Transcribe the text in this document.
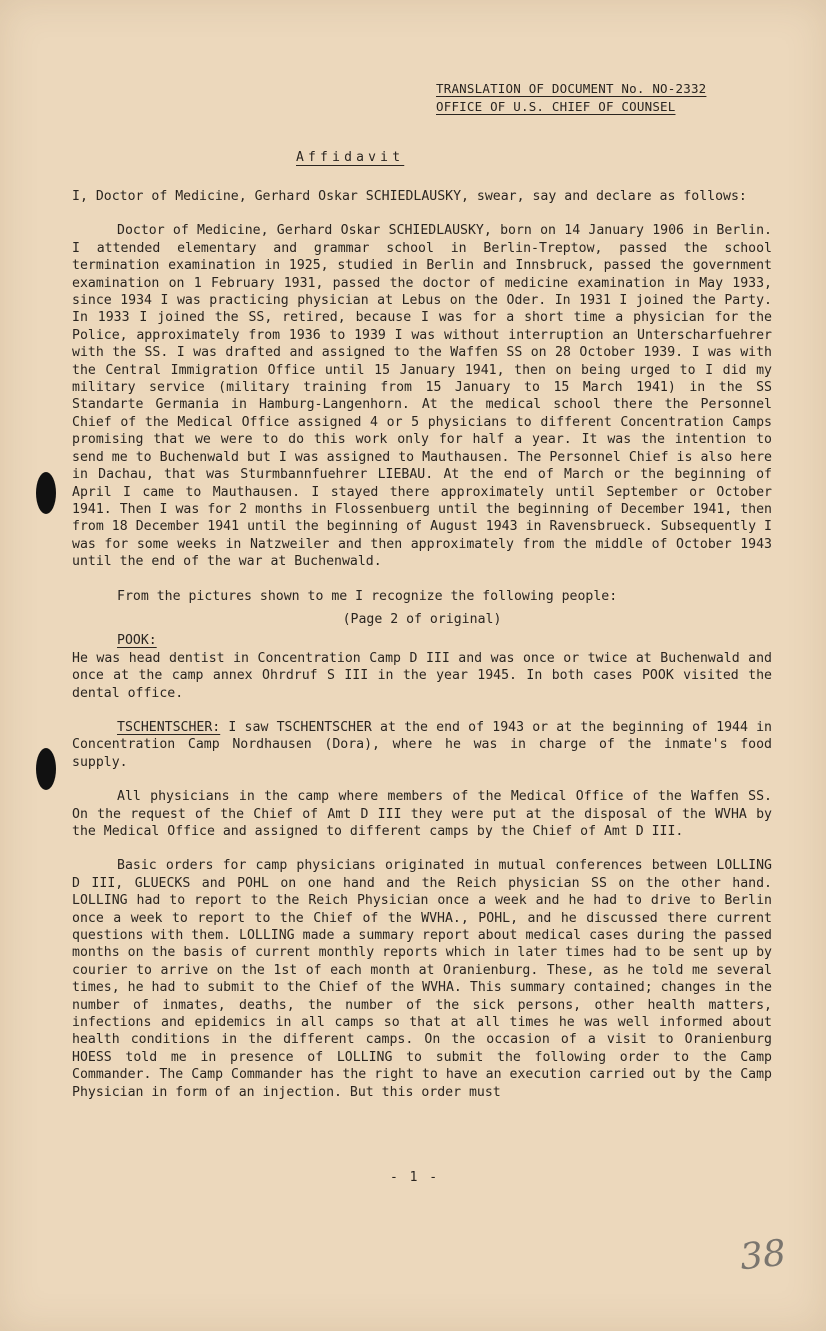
TRANSLATION OF DOCUMENT No. NO-2332
OFFICE OF U.S. CHIEF OF COUNSEL
Affidavit

I, Doctor of Medicine, Gerhard Oskar SCHIEDLAUSKY, swear, say and declare as follows:

Doctor of Medicine, Gerhard Oskar SCHIEDLAUSKY, born on 14 January 1906 in Berlin. I attended elementary and grammar school in Berlin-Treptow, passed the school termination examination in 1925, studied in Berlin and Innsbruck, passed the government examination on 1 February 1931, passed the doctor of medicine examination in May 1933, since 1934 I was practicing physician at Lebus on the Oder. In 1931 I joined the Party. In 1933 I joined the SS, retired, because I was for a short time a physician for the Police, approximately from 1936 to 1939 I was without interruption an Unterscharfuehrer with the SS. I was drafted and assigned to the Waffen SS on 28 October 1939. I was with the Central Immigration Office until 15 January 1941, then on being urged to I did my military service (military training from 15 January to 15 March 1941) in the SS Standarte Germania in Hamburg-Langenhorn. At the medical school there the Personnel Chief of the Medical Office assigned 4 or 5 physicians to different Concentration Camps promising that we were to do this work only for half a year. It was the intention to send me to Buchenwald but I was assigned to Mauthausen. The Personnel Chief is also here in Dachau, that was Sturmbannfuehrer LIEBAU. At the end of March or the beginning of April I came to Mauthausen. I stayed there approximately until September or October 1941. Then I was for 2 months in Flossenbuerg until the beginning of December 1941, then from 18 December 1941 until the beginning of August 1943 in Ravensbrueck. Subsequently I was for some weeks in Natzweiler and then approximately from the middle of October 1943 until the end of the war at Buchenwald.

From the pictures shown to me I recognize the following people:

(Page 2 of original)

POOK:

He was head dentist in Concentration Camp D III and was once or twice at Buchenwald and once at the camp annex Ohrdruf S III in the year 1945. In both cases POOK visited the dental office.

TSCHENTSCHER: I saw TSCHENTSCHER at the end of 1943 or at the beginning of 1944 in Concentration Camp Nordhausen (Dora), where he was in charge of the inmate's food supply.

All physicians in the camp where members of the Medical Office of the Waffen SS. On the request of the Chief of Amt D III they were put at the disposal of the WVHA by the Medical Office and assigned to different camps by the Chief of Amt D III.

Basic orders for camp physicians originated in mutual conferences between LOLLING D III, GLUECKS and POHL on one hand and the Reich physician SS on the other hand. LOLLING had to report to the Reich Physician once a week and he had to drive to Berlin once a week to report to the Chief of the WVHA., POHL, and he discussed there current questions with them. LOLLING made a summary report about medical cases during the passed months on the basis of current monthly reports which in later times had to be sent up by courier to arrive on the 1st of each month at Oranienburg. These, as he told me several times, he had to submit to the Chief of the WVHA. This summary contained; changes in the number of inmates, deaths, the number of the sick persons, other health matters, infections and epidemics in all camps so that at all times he was well informed about health conditions in the different camps. On the occasion of a visit to Oranienburg HOESS told me in presence of LOLLING to submit the following order to the Camp Commander. The Camp Commander has the right to have an execution carried out by the Camp Physician in form of an injection. But this order must

- 1 -
38
